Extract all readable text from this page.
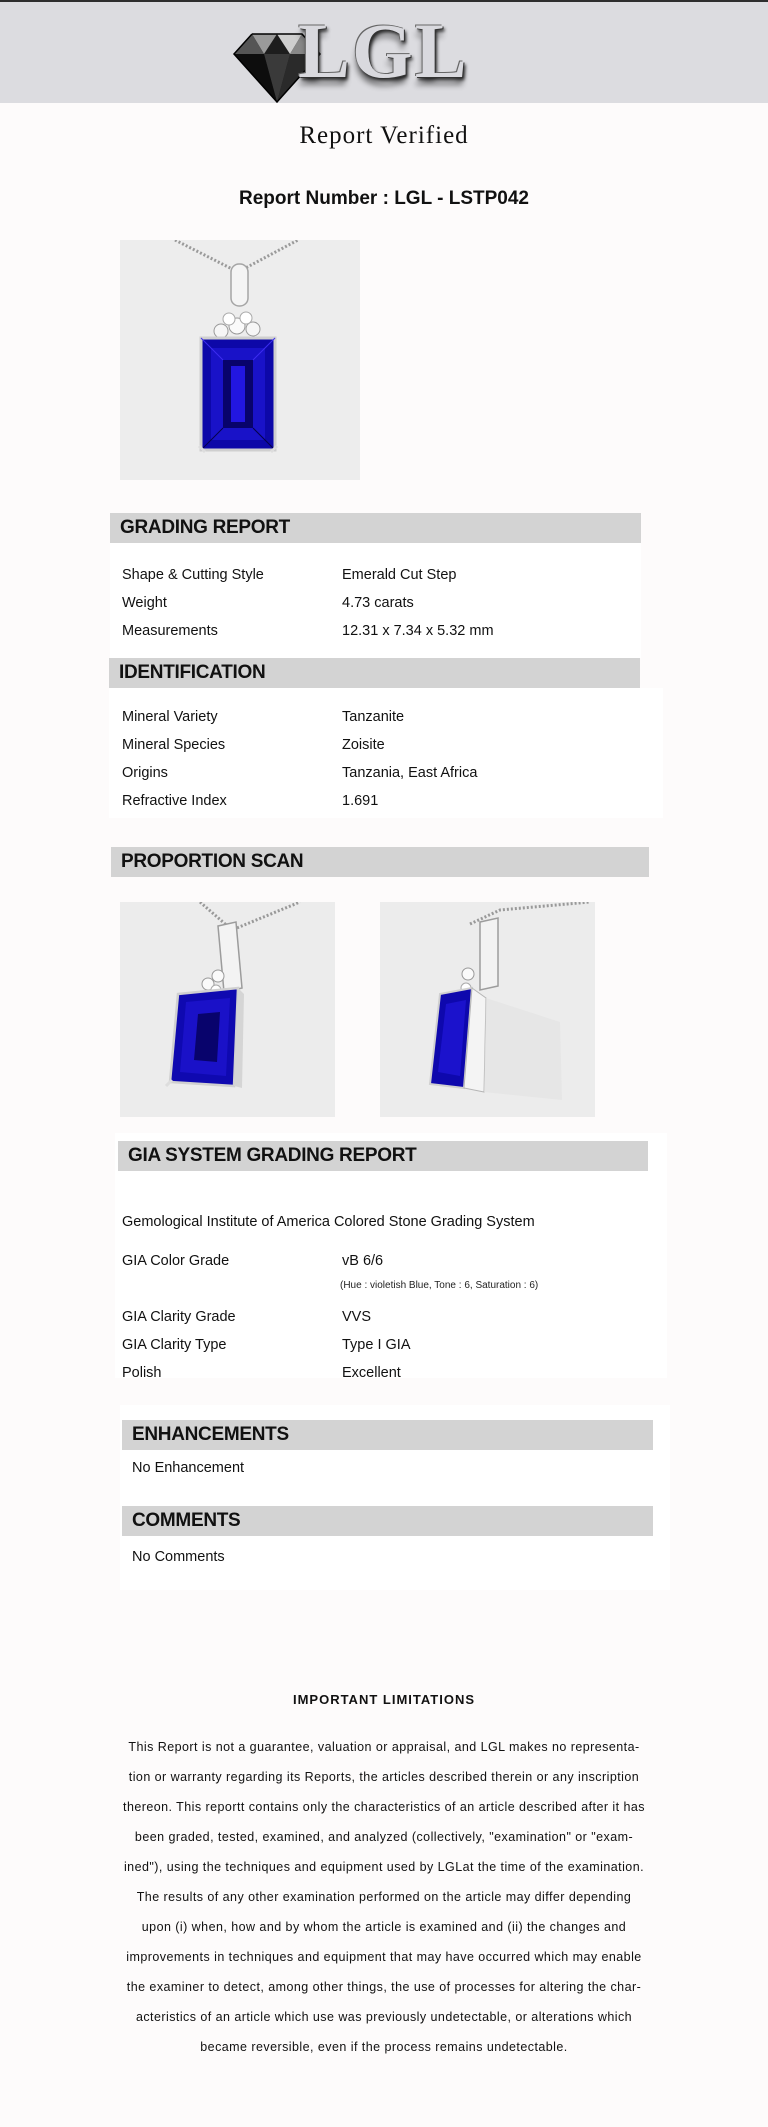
LGL
Report Verified
Report Number : LGL - LSTP042
GRADING REPORT
Shape & Cutting Style	Emerald Cut Step
Weight	4.73 carats
Measurements	12.31 x 7.34 x 5.32 mm
IDENTIFICATION
Mineral Variety	Tanzanite
Mineral Species	Zoisite
Origins	Tanzania, East Africa
Refractive Index	1.691
PROPORTION SCAN
GIA SYSTEM GRADING REPORT
Gemological Institute of America Colored Stone Grading System
GIA Color Grade	vB 6/6
(Hue : violetish Blue, Tone : 6, Saturation : 6)
GIA Clarity Grade	VVS
GIA Clarity Type	Type I GIA
Polish	Excellent
ENHANCEMENTS
No Enhancement
COMMENTS
No Comments
IMPORTANT LIMITATIONS
This Report is not a guarantee, valuation or appraisal, and LGL makes no representa-
tion or warranty regarding its Reports, the articles described therein or any inscription
thereon. This reportt contains only the characteristics of an article described after it has
been graded, tested, examined, and analyzed (collectively, "examination" or "exam-
ined"), using the techniques and equipment used by LGLat the time of the examination.
The results of any other examination performed on the article may differ depending
upon (i) when, how and by whom the article is examined and (ii) the changes and
improvements in techniques and equipment that may have occurred which may enable
the examiner to detect, among other things, the use of processes for altering the char-
acteristics of an article which use was previously undetectable, or alterations which
became reversible, even if the process remains undetectable.
